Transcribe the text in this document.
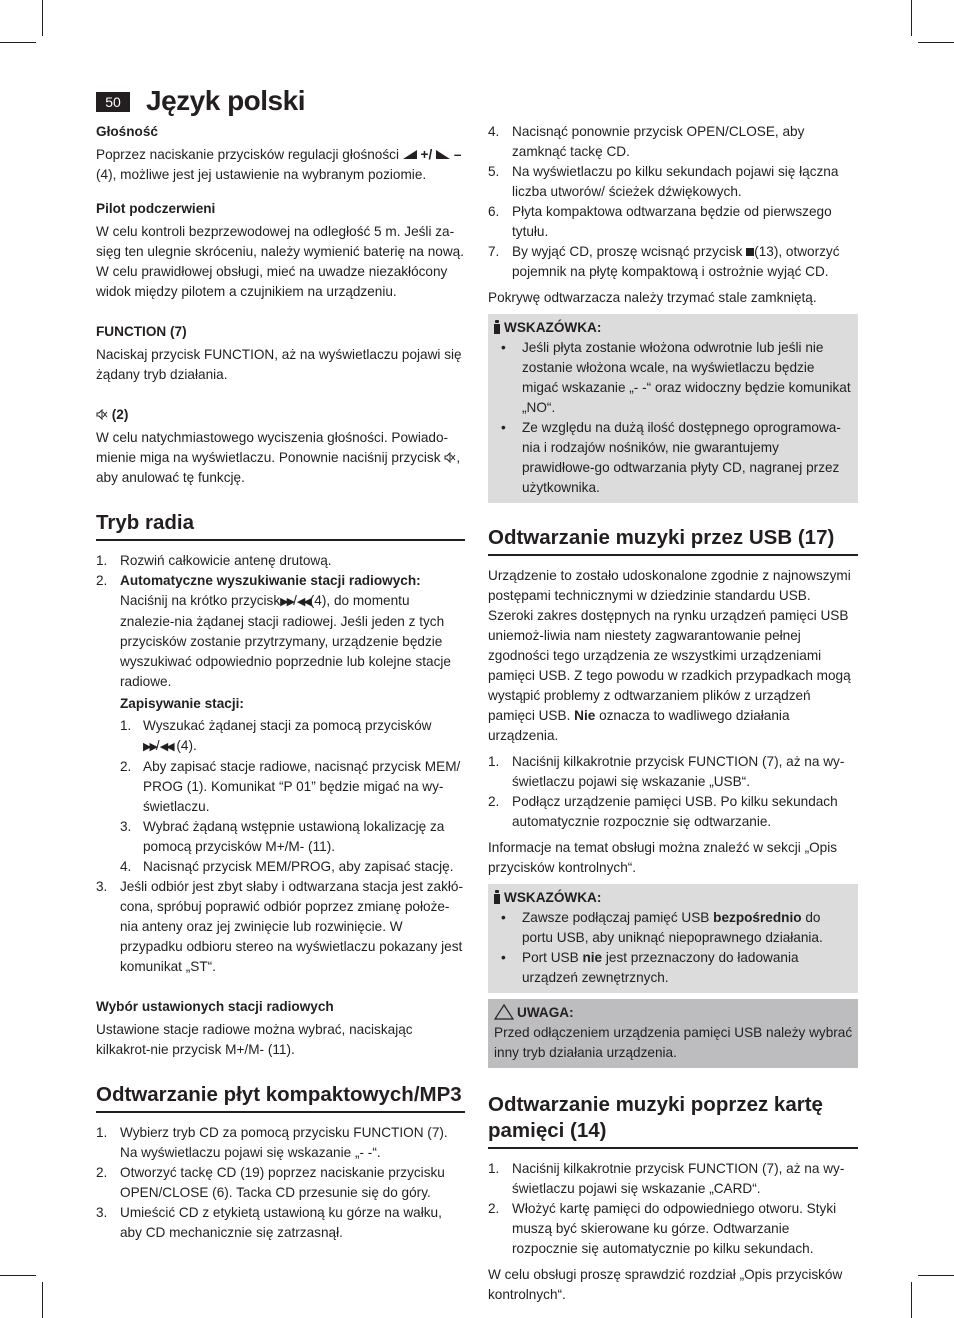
50 Język polski

Głośność

Poprzez naciskanie przycisków regulacji głośności +/ – (4), możliwe jest jej ustawienie na wybranym poziomie.

Pilot podczerwieni

W celu kontroli bezprzewodowej na odległość 5 m. Jeśli za-sięg ten ulegnie skróceniu, należy wymienić baterię na nową. W celu prawidłowej obsługi, mieć na uwadze niezakłócony widok między pilotem a czujnikiem na urządzeniu.

FUNCTION (7)

Naciskaj przycisk FUNCTION, aż na wyświetlaczu pojawi się żądany tryb działania.

(2)

W celu natychmiastowego wyciszenia głośności. Powiado-mienie miga na wyświetlaczu. Ponownie naciśnij przycisk , aby anulować tę funkcję.

Tryb radia
1. Rozwiń całkowicie antenę drutową.
2. Automatyczne wyszukiwanie stacji radiowych:
Naciśnij na krótko przycisk▶▶/◀◀(4), do momentu znalezie-nia żądanej stacji radiowej. Jeśli jeden z tych przycisków zostanie przytrzymany, urządzenie będzie wyszukiwać odpowiednio poprzednie lub kolejne stacje radiowe.
Zapisywanie stacji:
1. Wyszukać żądanej stacji za pomocą przycisków
▶▶/◀◀ (4).
2. Aby zapisać stacje radiowe, nacisnąć przycisk MEM/ PROG (1). Komunikat “P 01” będzie migać na wy-świetlaczu.
3. Wybrać żądaną wstępnie ustawioną lokalizację za pomocą przycisków M+/M- (11).
4. Nacisnąć przycisk MEM/PROG, aby zapisać stację.
3. Jeśli odbiór jest zbyt słaby i odtwarzana stacja jest zakłó-cona, spróbuj poprawić odbiór poprzez zmianę położe-nia anteny oraz jej zwinięcie lub rozwinięcie. W przypadku odbioru stereo na wyświetlaczu pokazany jest komunikat „ST“.

Wybór ustawionych stacji radiowych

Ustawione stacje radiowe można wybrać, naciskając kilkakrot-nie przycisk M+/M- (11).

Odtwarzanie płyt kompaktowych/MP3
1. Wybierz tryb CD za pomocą przycisku FUNCTION (7). Na wyświetlaczu pojawi się wskazanie „- -“.
2. Otworzyć tackę CD (19) poprzez naciskanie przycisku OPEN/CLOSE (6). Tacka CD przesunie się do góry.
3. Umieścić CD z etykietą ustawioną ku górze na wałku, aby CD mechanicznie się zatrzasnął.
4. Nacisnąć ponownie przycisk OPEN/CLOSE, aby zamknąć tackę CD.
5. Na wyświetlaczu po kilku sekundach pojawi się łączna liczba utworów/ ścieżek dźwiękowych.
6. Płyta kompaktowa odtwarzana będzie od pierwszego tytułu.
7. By wyjąć CD, proszę wcisnąć przycisk (13), otworzyć pojemnik na płytę kompaktową i ostrożnie wyjąć CD.

Pokrywę odtwarzacza należy trzymać stale zamkniętą.

WSKAZÓWKA:
• Jeśli płyta zostanie włożona odwrotnie lub jeśli nie zostanie włożona wcale, na wyświetlaczu będzie migać wskazanie „- -“ oraz widoczny będzie komunikat „NO“.
• Ze względu na dużą ilość dostępnego oprogramowa-nia i rodzajów nośników, nie gwarantujemy prawidłowe-go odtwarzania płyty CD, nagranej przez użytkownika.
Odtwarzanie muzyki przez USB (17)

Urządzenie to zostało udoskonalone zgodnie z najnowszymi postępami technicznymi w dziedzinie standardu USB. Szeroki zakres dostępnych na rynku urządzeń pamięci USB uniemoż-liwia nam niestety zagwarantowanie pełnej zgodności tego urządzenia ze wszystkimi urządzeniami pamięci USB. Z tego powodu w rzadkich przypadkach mogą wystąpić problemy z odtwarzaniem plików z urządzeń pamięci USB. Nie oznacza to wadliwego działania urządzenia.

1. Naciśnij kilkakrotnie przycisk FUNCTION (7), aż na wy-świetlaczu pojawi się wskazanie „USB“.
2. Podłącz urządzenie pamięci USB. Po kilku sekundach automatycznie rozpocznie się odtwarzanie.

Informacje na temat obsługi można znaleźć w sekcji „Opis przycisków kontrolnych“.

WSKAZÓWKA:
• Zawsze podłączaj pamięć USB bezpośrednio do portu USB, aby uniknąć niepoprawnego działania.
• Port USB nie jest przeznaczony do ładowania urządzeń zewnętrznych.
UWAGA:

Przed odłączeniem urządzenia pamięci USB należy wybrać inny tryb działania urządzenia.

Odtwarzanie muzyki poprzez kartę pamięci (14)
1. Naciśnij kilkakrotnie przycisk FUNCTION (7), aż na wy-świetlaczu pojawi się wskazanie „CARD“.
2. Włożyć kartę pamięci do odpowiedniego otworu. Styki muszą być skierowane ku górze. Odtwarzanie rozpocznie się automatycznie po kilku sekundach.

W celu obsługi proszę sprawdzić rozdział „Opis przycisków kontrolnych“.
